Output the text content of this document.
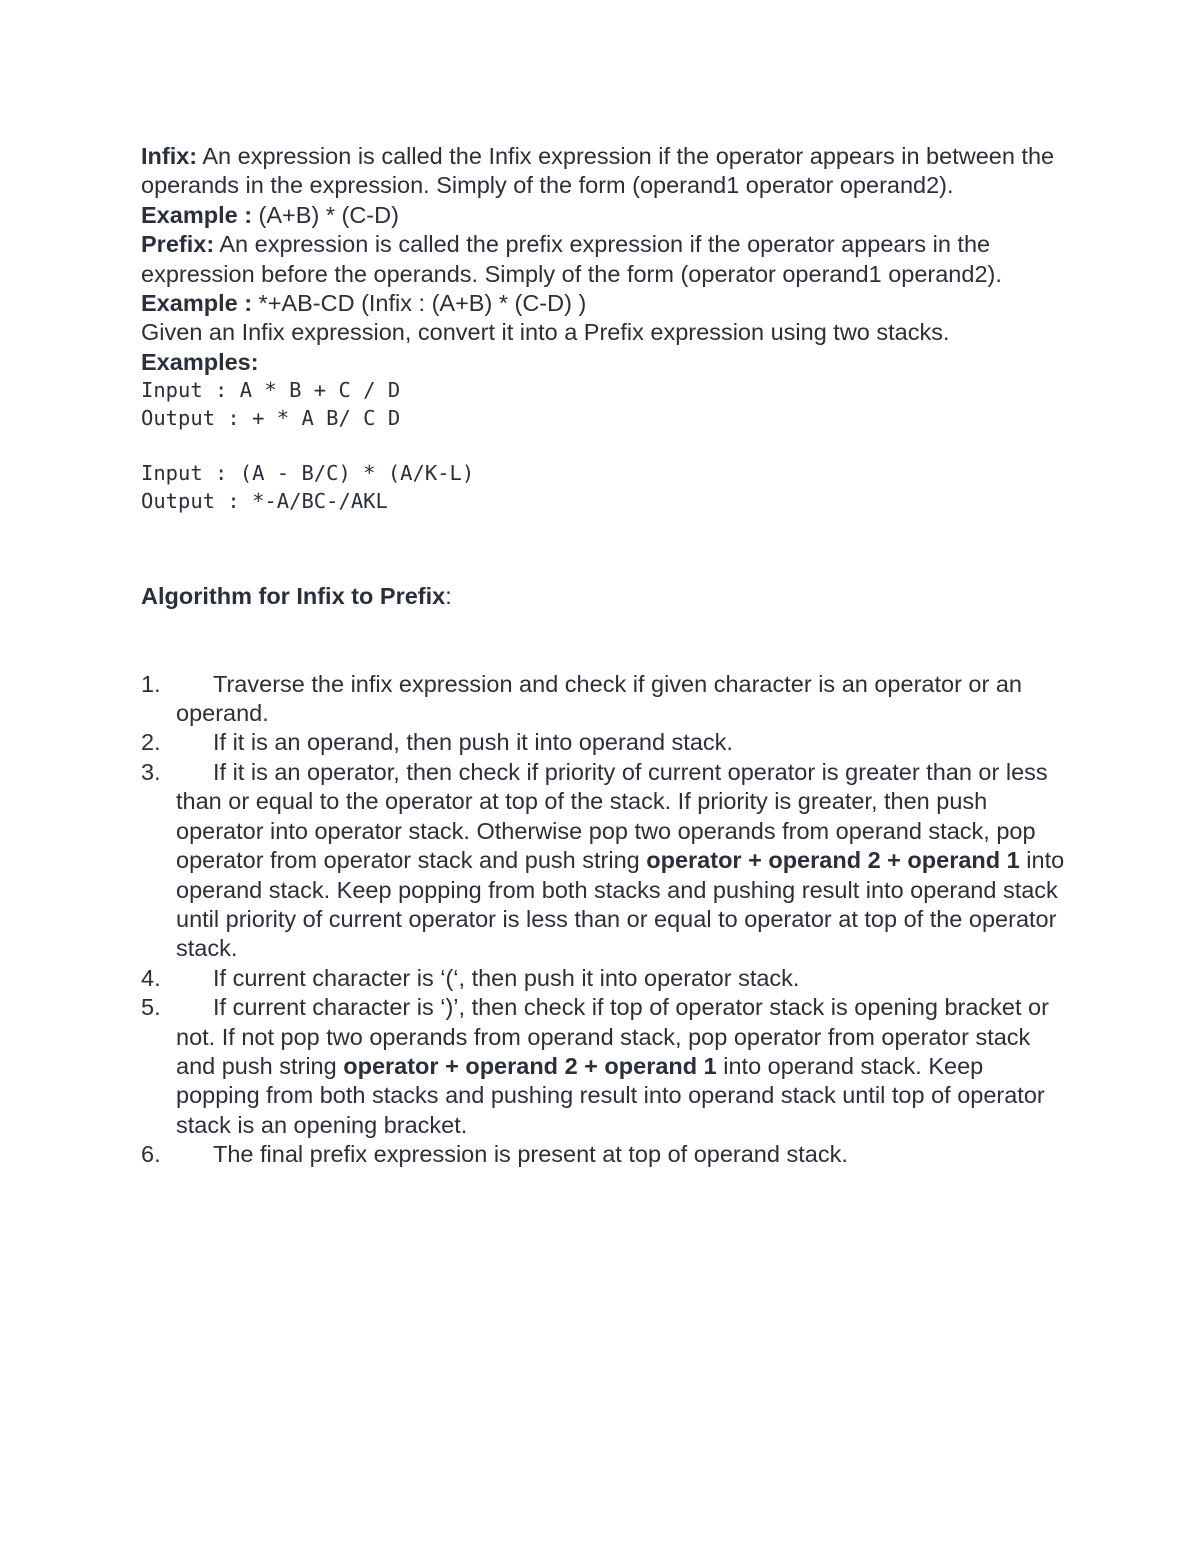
Infix: An expression is called the Infix expression if the operator appears in between the operands in the expression. Simply of the form (operand1 operator operand2).

Example : (A+B) * (C-D)

Prefix: An expression is called the prefix expression if the operator appears in the expression before the operands. Simply of the form (operator operand1 operand2).

Example : *+AB-CD (Infix : (A+B) * (C-D) )

Given an Infix expression, convert it into a Prefix expression using two stacks.

Examples:

Input : A * B + C / D
Output : + * A B/ C D
Input : (A - B/C) * (A/K-L)
Output : *-A/BC-/AKL
Algorithm for Infix to Prefix:
1.	Traverse the infix expression and check if given character is an operator or an operand.
2.	If it is an operand, then push it into operand stack.
3.	If it is an operator, then check if priority of current operator is greater than or less than or equal to the operator at top of the stack. If priority is greater, then push operator into operator stack. Otherwise pop two operands from operand stack, pop operator from operator stack and push string operator + operand 2 + operand 1 into operand stack. Keep popping from both stacks and pushing result into operand stack until priority of current operator is less than or equal to operator at top of the operator stack.
4.	If current character is ‘(‘, then push it into operator stack.
5.	If current character is ‘)’, then check if top of operator stack is opening bracket or not. If not pop two operands from operand stack, pop operator from operator stack and push string operator + operand 2 + operand 1 into operand stack. Keep popping from both stacks and pushing result into operand stack until top of operator stack is an opening bracket.
6.	The final prefix expression is present at top of operand stack.
